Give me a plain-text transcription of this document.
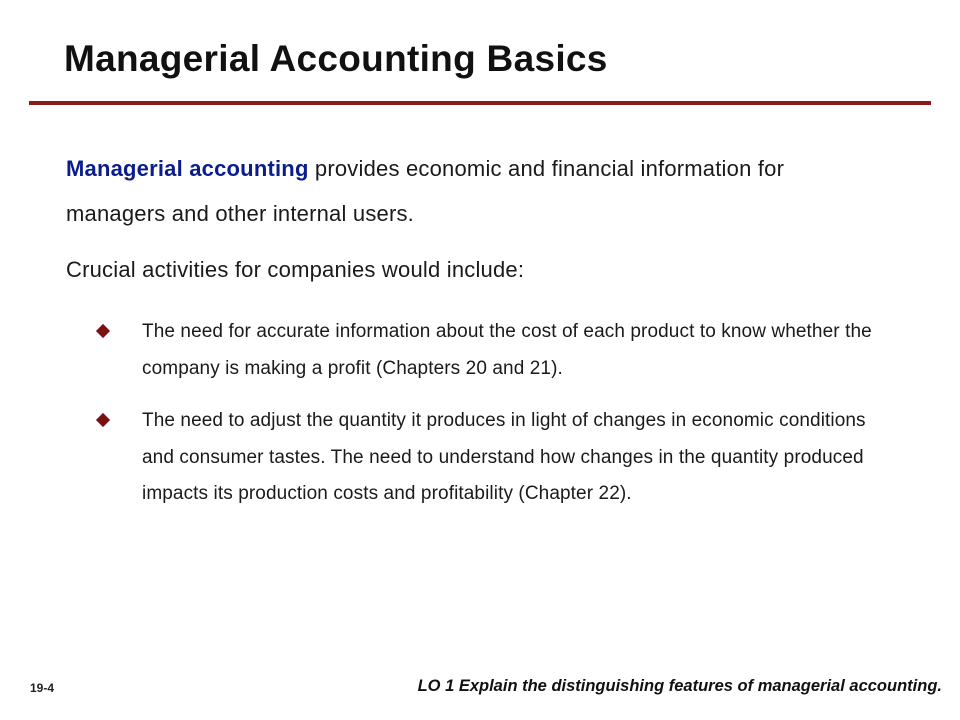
Managerial Accounting Basics

Managerial accounting provides economic and financial information for managers and other internal users.

Crucial activities for companies would include:

The need for accurate information about the cost of each product to know whether the company is making a profit (Chapters 20 and 21).
The need to adjust the quantity it produces in light of changes in economic conditions and consumer tastes. The need to understand how changes in the quantity produced impacts its production costs and profitability (Chapter 22).
19-4	LO 1 Explain the distinguishing features of managerial accounting.
